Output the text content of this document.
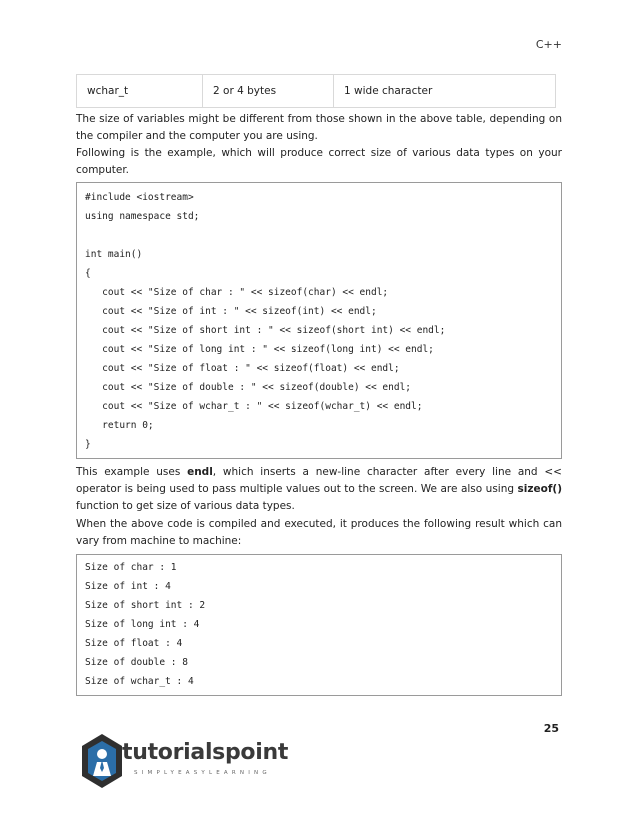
C++
wchar_t	2 or 4 bytes	1 wide character

The size of variables might be different from those shown in the above table, depending on the compiler and the computer you are using.

Following is the example, which will produce correct size of various data types on your computer.

#include <iostream>
using namespace std;
int main()
{
cout << "Size of char : " << sizeof(char) << endl;
cout << "Size of int : " << sizeof(int) << endl;
cout << "Size of short int : " << sizeof(short int) << endl;
cout << "Size of long int : " << sizeof(long int) << endl;
cout << "Size of float : " << sizeof(float) << endl;
cout << "Size of double : " << sizeof(double) << endl;
cout << "Size of wchar_t : " << sizeof(wchar_t) << endl;
return 0;
}

This example uses endl, which inserts a new-line character after every line and << operator is being used to pass multiple values out to the screen. We are also using sizeof() function to get size of various data types.

When the above code is compiled and executed, it produces the following result which can vary from machine to machine:

Size of char : 1
Size of int : 4
Size of short int : 2
Size of long int : 4
Size of float : 4
Size of double : 8
Size of wchar_t : 4
25
tutorialspoint
SIMPLYEASYLEARNING
